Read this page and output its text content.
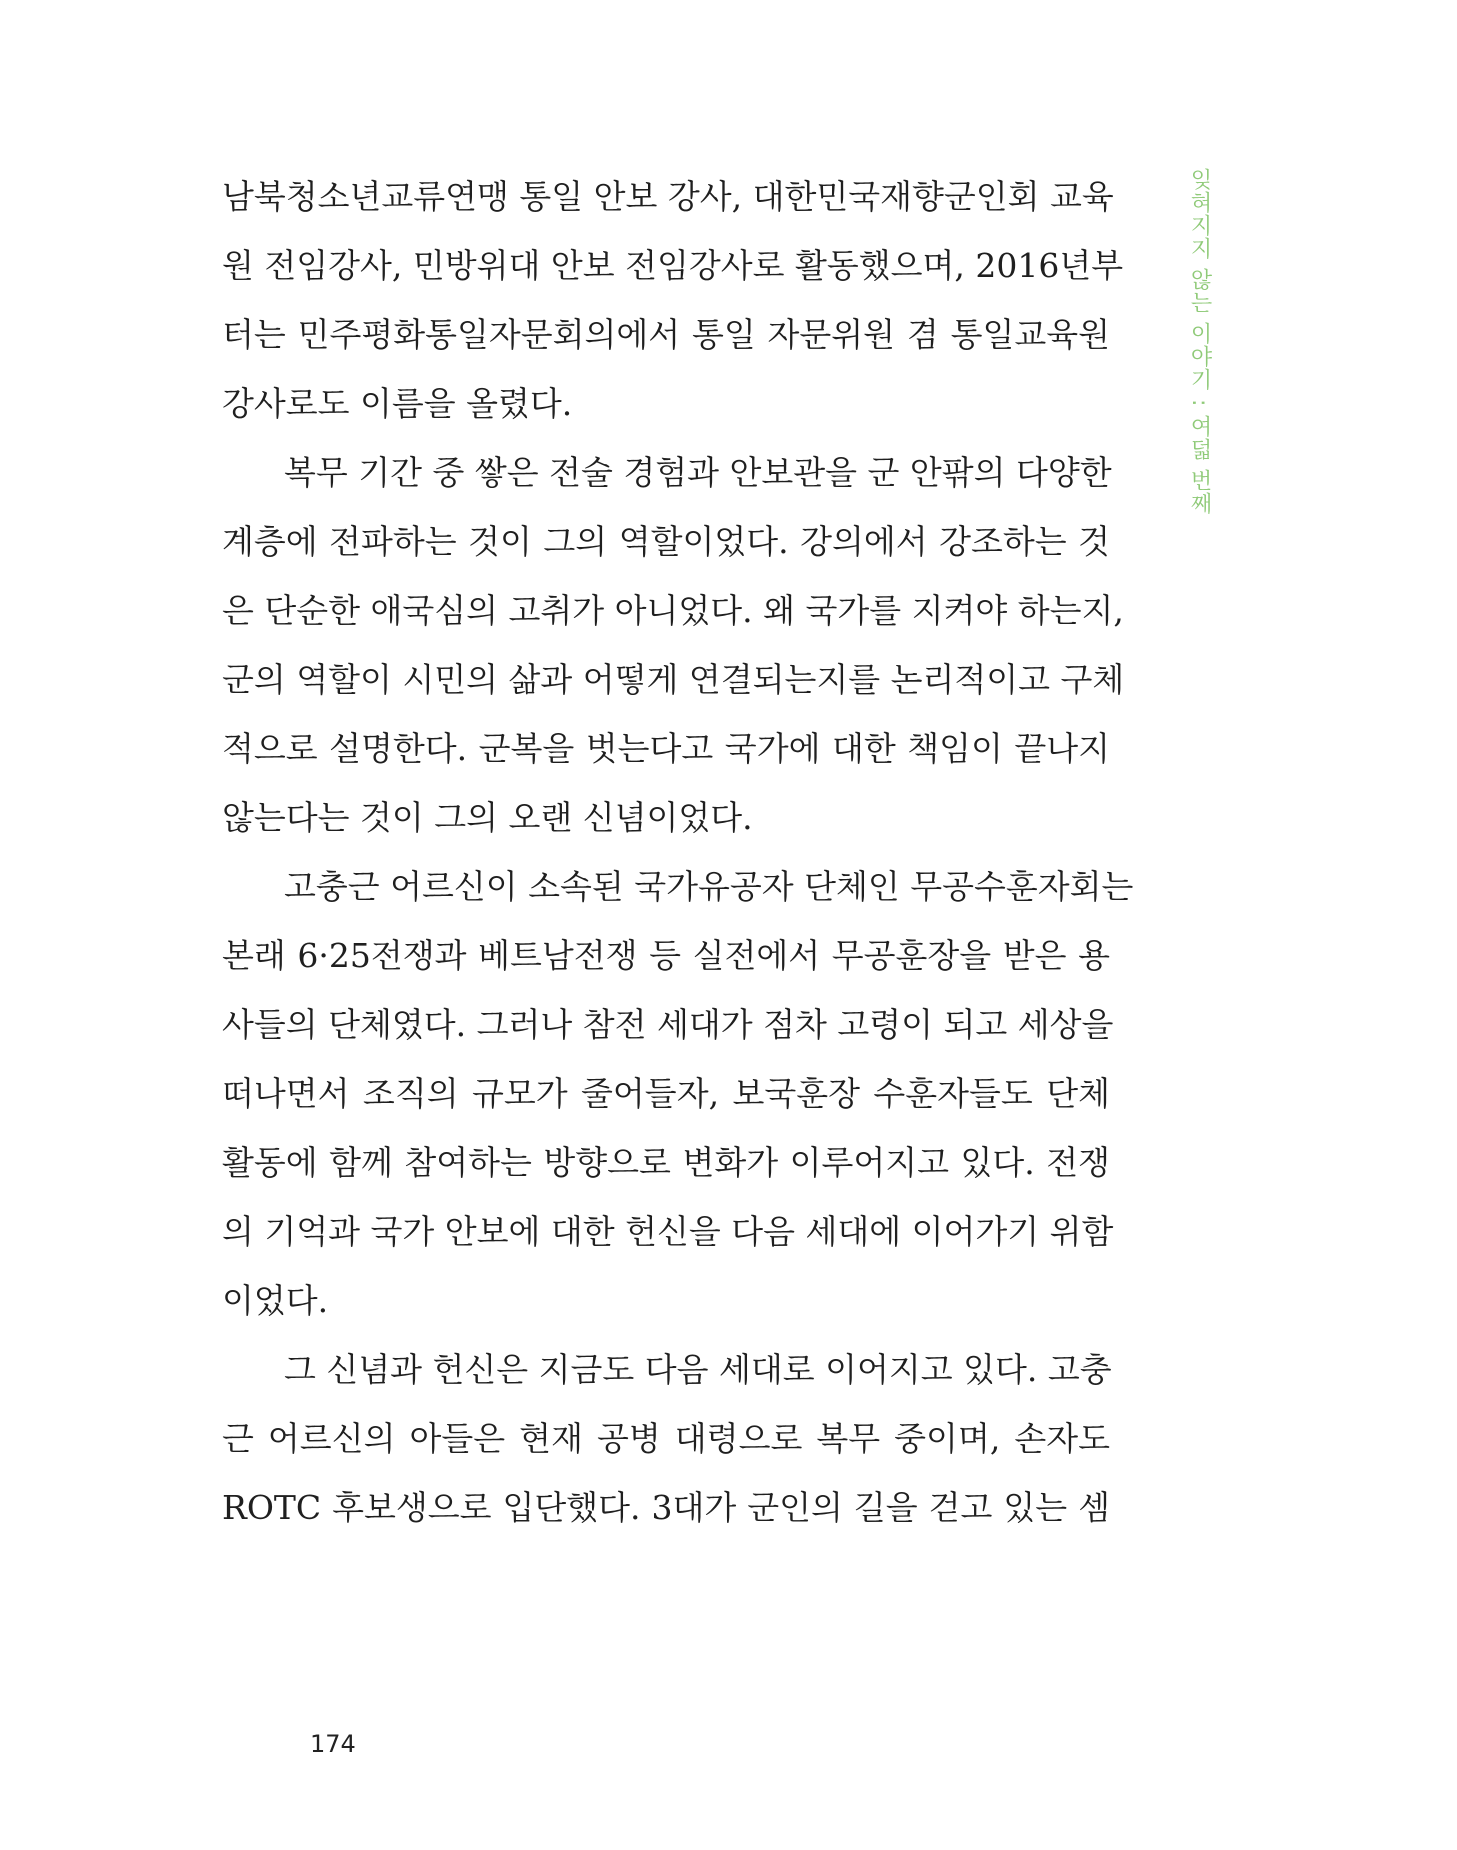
잊혀지지 않는 이야기 : 여덟 번째
남북청소년교류연맹 통일 안보 강사, 대한민국재향군인회 교육
원 전임강사, 민방위대 안보 전임강사로 활동했으며, 2016년부
터는 민주평화통일자문회의에서 통일 자문위원 겸 통일교육원
강사로도 이름을 올렸다.
복무 기간 중 쌓은 전술 경험과 안보관을 군 안팎의 다양한
계층에 전파하는 것이 그의 역할이었다. 강의에서 강조하는 것
은 단순한 애국심의 고취가 아니었다. 왜 국가를 지켜야 하는지,
군의 역할이 시민의 삶과 어떻게 연결되는지를 논리적이고 구체
적으로 설명한다. 군복을 벗는다고 국가에 대한 책임이 끝나지
않는다는 것이 그의 오랜 신념이었다.
고충근 어르신이 소속된 국가유공자 단체인 무공수훈자회는
본래 6·25전쟁과 베트남전쟁 등 실전에서 무공훈장을 받은 용
사들의 단체였다. 그러나 참전 세대가 점차 고령이 되고 세상을
떠나면서 조직의 규모가 줄어들자, 보국훈장 수훈자들도 단체
활동에 함께 참여하는 방향으로 변화가 이루어지고 있다. 전쟁
의 기억과 국가 안보에 대한 헌신을 다음 세대에 이어가기 위함
이었다.
그 신념과 헌신은 지금도 다음 세대로 이어지고 있다. 고충
근 어르신의 아들은 현재 공병 대령으로 복무 중이며, 손자도
ROTC 후보생으로 입단했다. 3대가 군인의 길을 걷고 있는 셈
174
